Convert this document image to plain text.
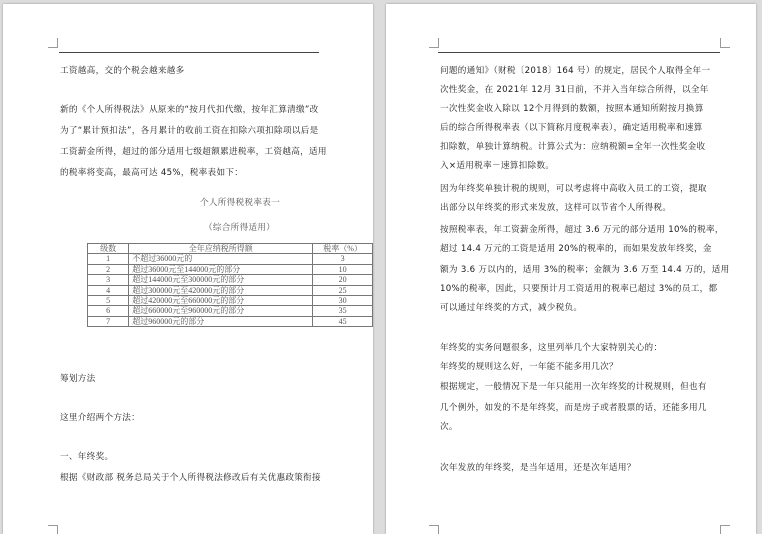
工资越高，交的个税会越来越多
新的《个人所得税法》从原来的“按月代扣代缴，按年汇算清缴”改
为了“累计预扣法”，各月累计的收前工资在扣除六项扣除项以后是
工资薪金所得，超过的部分适用七级超额累进税率，工资越高，适用
的税率将变高，最高可达 45%，税率表如下：
个人所得税税率表一
（综合所得适用）
级数	全年应纳税所得额	税率（%）
1	不超过36000元的	3
2	超过36000元至144000元的部分	10
3	超过144000元至300000元的部分	20
4	超过300000元至420000元的部分	25
5	超过420000元至660000元的部分	30
6	超过660000元至960000元的部分	35
7	超过960000元的部分	45
筹划方法
这里介绍两个方法：
一、年终奖。
根据《财政部 税务总局关于个人所得税法修改后有关优惠政策衔接
问题的通知》（财税〔2018〕164 号）的规定，居民个人取得全年一
次性奖金，在 2021年 12月 31日前，不并入当年综合所得，以全年
一次性奖金收入除以 12个月得到的数额，按照本通知所附按月换算
后的综合所得税率表（以下简称月度税率表），确定适用税率和速算
扣除数，单独计算纳税。计算公式为：应纳税额=全年一次性奖金收
入×适用税率－速算扣除数。
因为年终奖单独计税的规则，可以考虑将中高收入员工的工资，提取
出部分以年终奖的形式来发放，这样可以节省个人所得税。
按照税率表，年工资薪金所得，超过 3.6 万元的部分适用 10%的税率，
超过 14.4 万元的工资是适用 20%的税率的，而如果发放年终奖，金
额为 3.6 万以内的，适用 3%的税率；金额为 3.6 万至 14.4 万的，适用
10%的税率，因此，只要预计月工资适用的税率已超过 3%的员工，都
可以通过年终奖的方式，减少税负。
年终奖的实务问题很多，这里列举几个大家特别关心的：
年终奖的规则这么好，一年能不能多用几次？
根据规定，一般情况下是一年只能用一次年终奖的计税规则，但也有
几个例外，如发的不是年终奖，而是房子或者股票的话，还能多用几
次。
次年发放的年终奖，是当年适用，还是次年适用？
